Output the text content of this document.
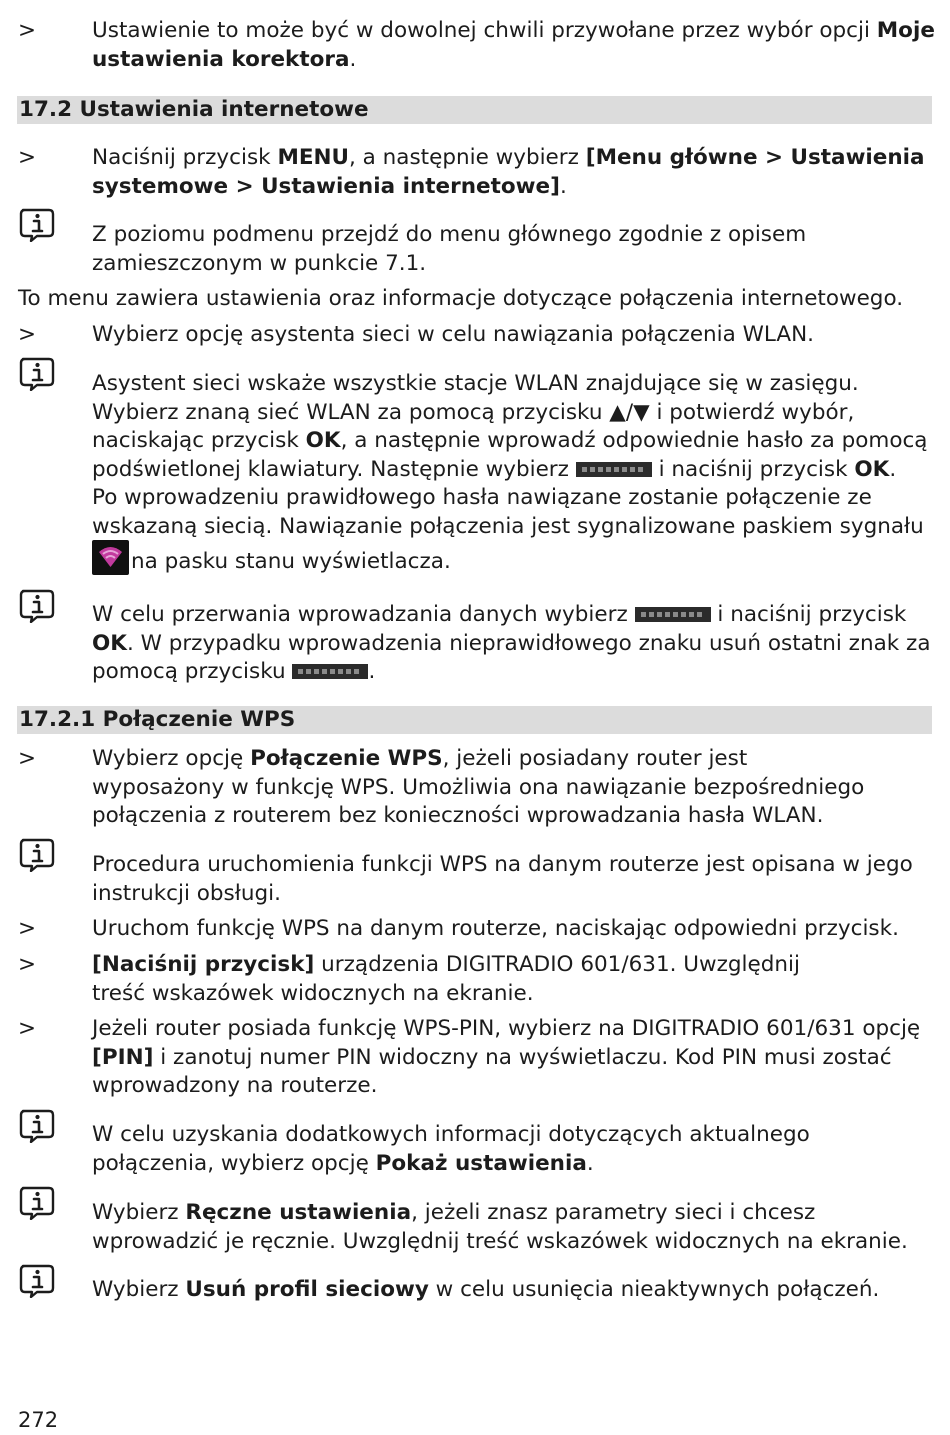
>	Ustawienie to może być w dowolnej chwili przywołane przez wybór opcji Moje ustawienia korektora.
17.2 Ustawienia internetowe
>	Naciśnij przycisk MENU, a następnie wybierz [Menu główne > Ustawienia systemowe > Ustawienia internetowe].
Z poziomu podmenu przejdź do menu głównego zgodnie z opisem zamieszczonym w punkcie 7.1.
To menu zawiera ustawienia oraz informacje dotyczące połączenia internetowego.
>	Wybierz opcję asystenta sieci w celu nawiązania połączenia WLAN.
Asystent sieci wskaże wszystkie stacje WLAN znajdujące się w zasięgu. Wybierz znaną sieć WLAN za pomocą przycisku ▲/▼ i potwierdź wybór, naciskając przycisk OK, a następnie wprowadź odpowiednie hasło za pomocą podświetlonej klawiatury. Następnie wybierz	i naciśnij przycisk OK.
Po wprowadzeniu prawidłowego hasła nawiązane zostanie połączenie ze wskazaną siecią. Nawiązanie połączenia jest sygnalizowane paskiem sygnału
na pasku stanu wyświetlacza.
W celu przerwania wprowadzania danych wybierz	i naciśnij przycisk OK. W przypadku wprowadzenia nieprawidłowego znaku usuń ostatni znak za pomocą przycisku	.
17.2.1 Połączenie WPS
>	Wybierz opcję Połączenie WPS, jeżeli posiadany router jest wyposażony w funkcję WPS. Umożliwia ona nawiązanie bezpośredniego połączenia z routerem bez konieczności wprowadzania hasła WLAN.
Procedura uruchomienia funkcji WPS na danym routerze jest opisana w jego instrukcji obsługi.
>	Uruchom funkcję WPS na danym routerze, naciskając odpowiedni przycisk.
>	[Naciśnij przycisk] urządzenia DIGITRADIO 601/631. Uwzględnij treść wskazówek widocznych na ekranie.
>	Jeżeli router posiada funkcję WPS-PIN, wybierz na DIGITRADIO 601/631 opcję [PIN] i zanotuj numer PIN widoczny na wyświetlaczu. Kod PIN musi zostać wprowadzony na routerze.
W celu uzyskania dodatkowych informacji dotyczących aktualnego połączenia, wybierz opcję Pokaż ustawienia.
Wybierz Ręczne ustawienia, jeżeli znasz parametry sieci i chcesz wprowadzić je ręcznie. Uwzględnij treść wskazówek widocznych na ekranie.
Wybierz Usuń profil sieciowy w celu usunięcia nieaktywnych połączeń.
272
